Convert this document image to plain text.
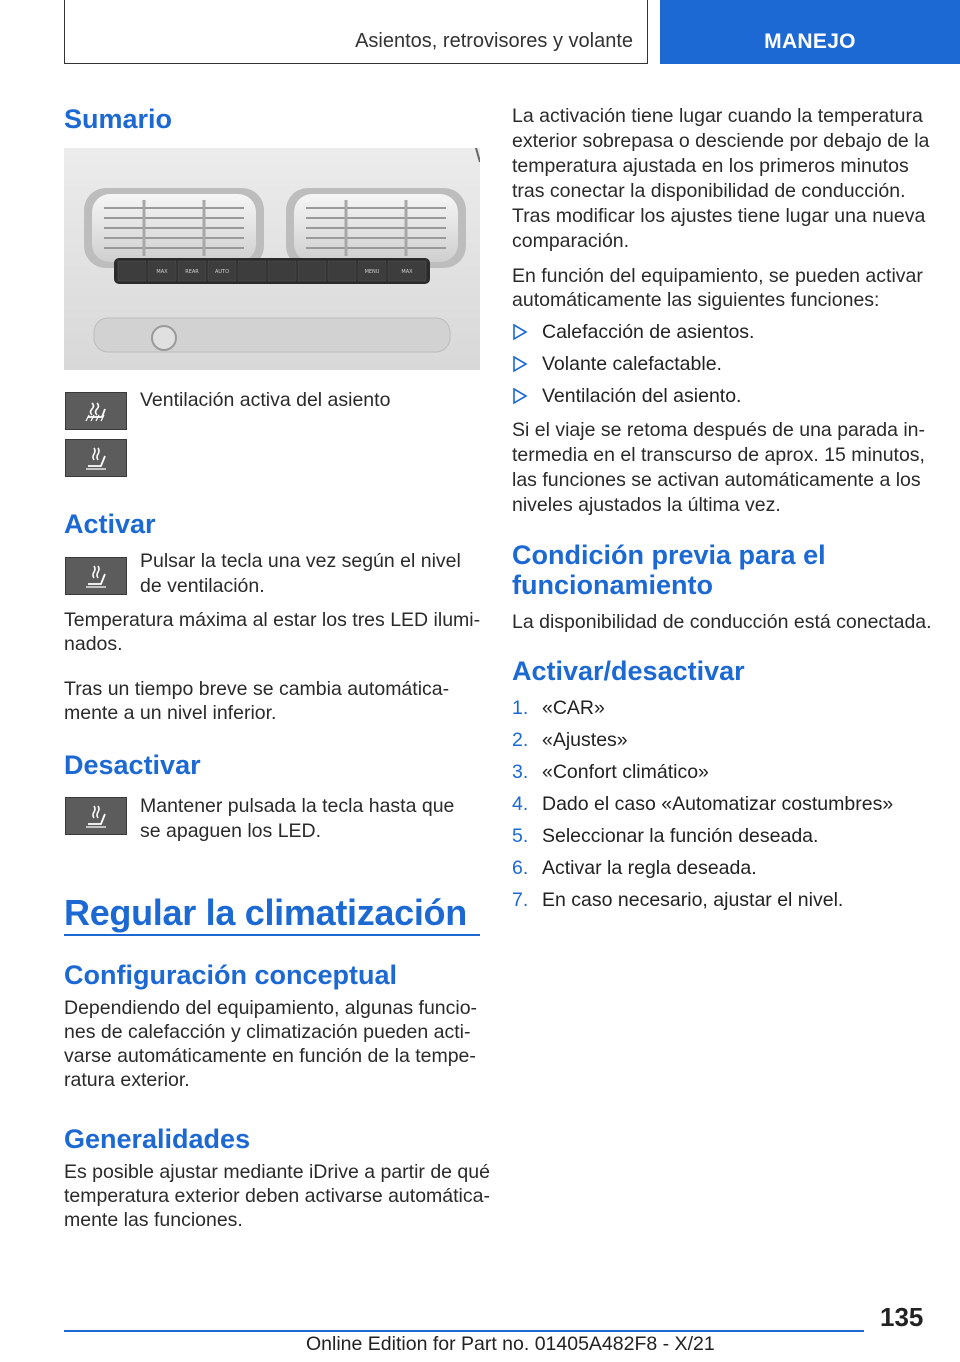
Asientos, retrovisores y volante	MANEJO
Sumario
MAX	REAR	AUTO	MENU	MAX
Ventilación activa del asiento
Activar

Pulsar la tecla una vez según el nivel de ventilación.

Temperatura máxima al estar los tres LED ilumi-

nados.

Tras un tiempo breve se cambia automática-

mente a un nivel inferior.

Desactivar

Mantener pulsada la tecla hasta que se apaguen los LED.

Regular la climatización
Configuración conceptual

Dependiendo del equipamiento, algunas funcio-

nes de calefacción y climatización pueden acti-

varse automáticamente en función de la tempe-

ratura exterior.

Generalidades

Es posible ajustar mediante iDrive a partir de qué

temperatura exterior deben activarse automática-

mente las funciones.

La activación tiene lugar cuando la temperatura

exterior sobrepasa o desciende por debajo de la

temperatura ajustada en los primeros minutos

tras conectar la disponibilidad de conducción.

Tras modificar los ajustes tiene lugar una nueva

comparación.

En función del equipamiento, se pueden activar

automáticamente las siguientes funciones:

Calefacción de asientos.
Volante calefactable.
Ventilación del asiento.

Si el viaje se retoma después de una parada in-

termedia en el transcurso de aprox. 15 minutos,

las funciones se activan automáticamente a los

niveles ajustados la última vez.

Condición previa para el
funcionamiento

La disponibilidad de conducción está conectada.

Activar/desactivar
1. «CAR»
2. «Ajustes»
3. «Confort climático»
4. Dado el caso «Automatizar costumbres»
5. Seleccionar la función deseada.
6. Activar la regla deseada.
7. En caso necesario, ajustar el nivel.
135
Online Edition for Part no. 01405A482F8 - X/21
